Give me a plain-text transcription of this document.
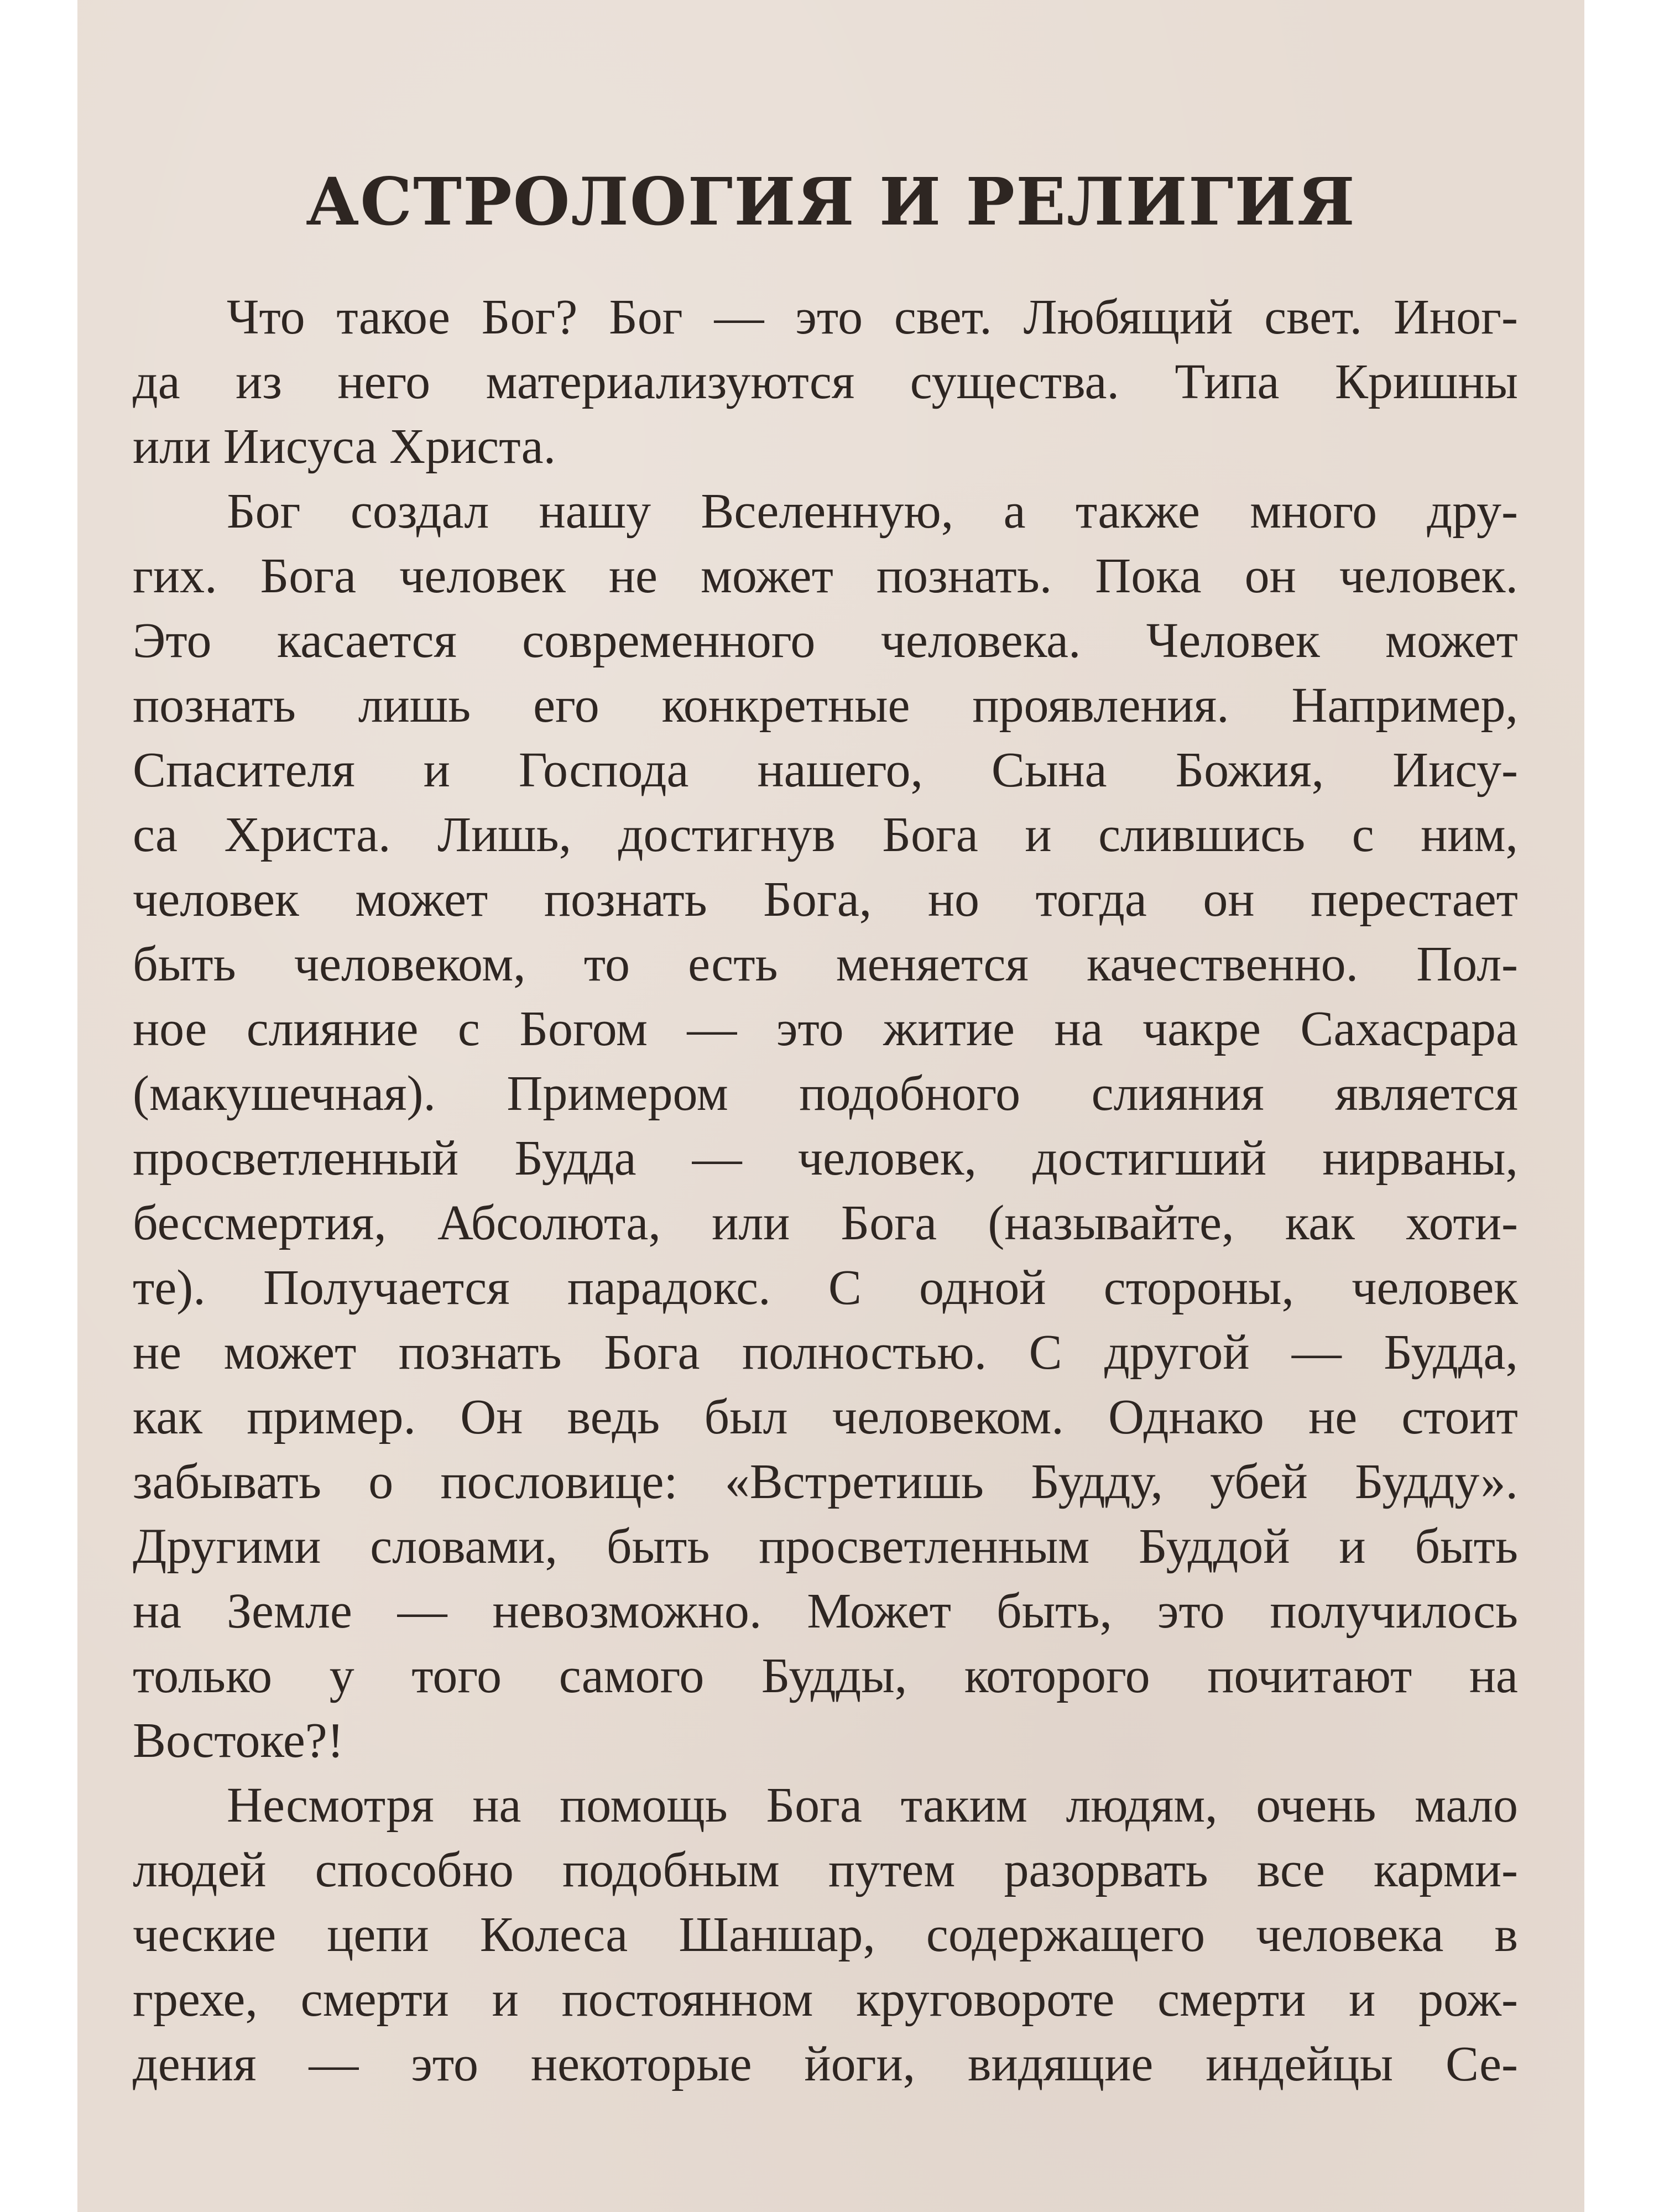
АСТРОЛОГИЯ И РЕЛИГИЯ
Что такое Бог? Бог — это свет. Любящий свет. Иног-
да из него материализуются существа. Типа Кришны
или Иисуса Христа.
Бог создал нашу Вселенную, а также много дру-
гих. Бога человек не может познать. Пока он человек.
Это касается современного человека. Человек может
познать лишь его конкретные проявления. Например,
Спасителя и Господа нашего, Сына Божия, Иису-
са Христа. Лишь, достигнув Бога и слившись с ним,
человек может познать Бога, но тогда он перестает
быть человеком, то есть меняется качественно. Пол-
ное слияние с Богом — это житие на чакре Сахасрара
(макушечная). Примером подобного слияния является
просветленный Будда — человек, достигший нирваны,
бессмертия, Абсолюта, или Бога (называйте, как хоти-
те). Получается парадокс. С одной стороны, человек
не может познать Бога полностью. С другой — Будда,
как пример. Он ведь был человеком. Однако не стоит
забывать о пословице: «Встретишь Будду, убей Будду».
Другими словами, быть просветленным Буддой и быть
на Земле — невозможно. Может быть, это получилось
только у того самого Будды, которого почитают на
Востоке?!
Несмотря на помощь Бога таким людям, очень мало
людей способно подобным путем разорвать все карми-
ческие цепи Колеса Шаншар, содержащего человека в
грехе, смерти и постоянном круговороте смерти и рож-
дения — это некоторые йоги, видящие индейцы Се-
